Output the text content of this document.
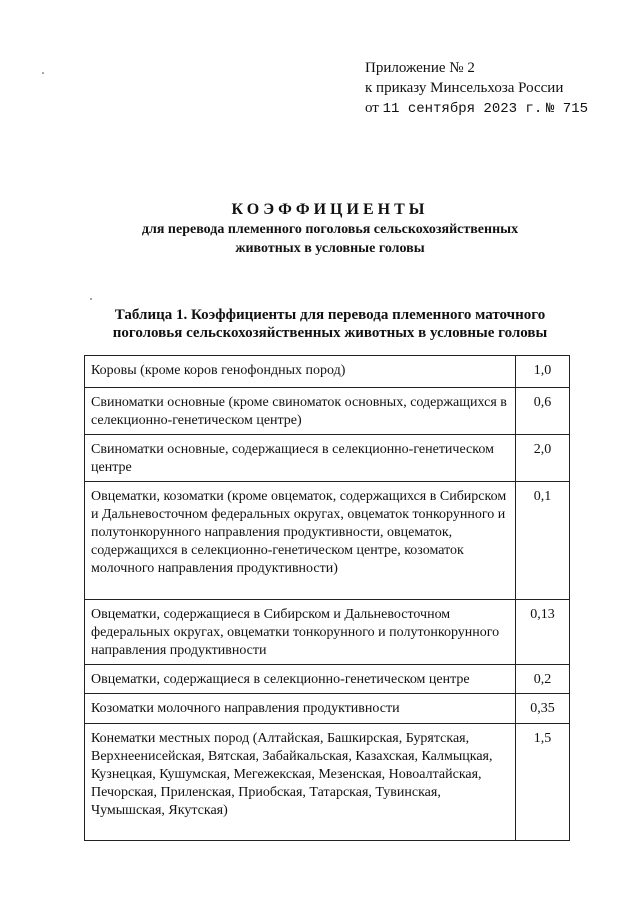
Приложение № 2
к приказу Минсельхоза России
от 11 сентября 2023 г. № 715
КОЭФФИЦИЕНТЫ
для перевода племенного поголовья сельскохозяйственных
животных в условные головы
Таблица 1. Коэффициенты для перевода племенного маточного
поголовья сельскохозяйственных животных в условные головы
Коровы (кроме коров генофондных пород)	1,0
Свиноматки основные (кроме свиноматок основных, содержащихся в селекционно-генетическом центре)	0,6
Свиноматки основные, содержащиеся в селекционно-генетическом центре	2,0
Овцематки, козоматки (кроме овцематок, содержащихся в Сибирском и Дальневосточном федеральных округах, овцематок тонкорунного и полутонкорунного направления продуктивности, овцематок, содержащихся в селекционно-генетическом центре, козоматок молочного направления продуктивности)	0,1
Овцематки, содержащиеся в Сибирском и Дальневосточном федеральных округах, овцематки тонкорунного и полутонкорунного направления продуктивности	0,13
Овцематки, содержащиеся в селекционно-генетическом центре	0,2
Козоматки молочного направления продуктивности	0,35
Конематки местных пород (Алтайская, Башкирская, Бурятская, Верхнеенисейская, Вятская, Забайкальская, Казахская, Калмыцкая, Кузнецкая, Кушумская, Мегежекская, Мезенская, Новоалтайская, Печорская, Приленская, Приобская, Татарская, Тувинская, Чумышская, Якутская)	1,5
